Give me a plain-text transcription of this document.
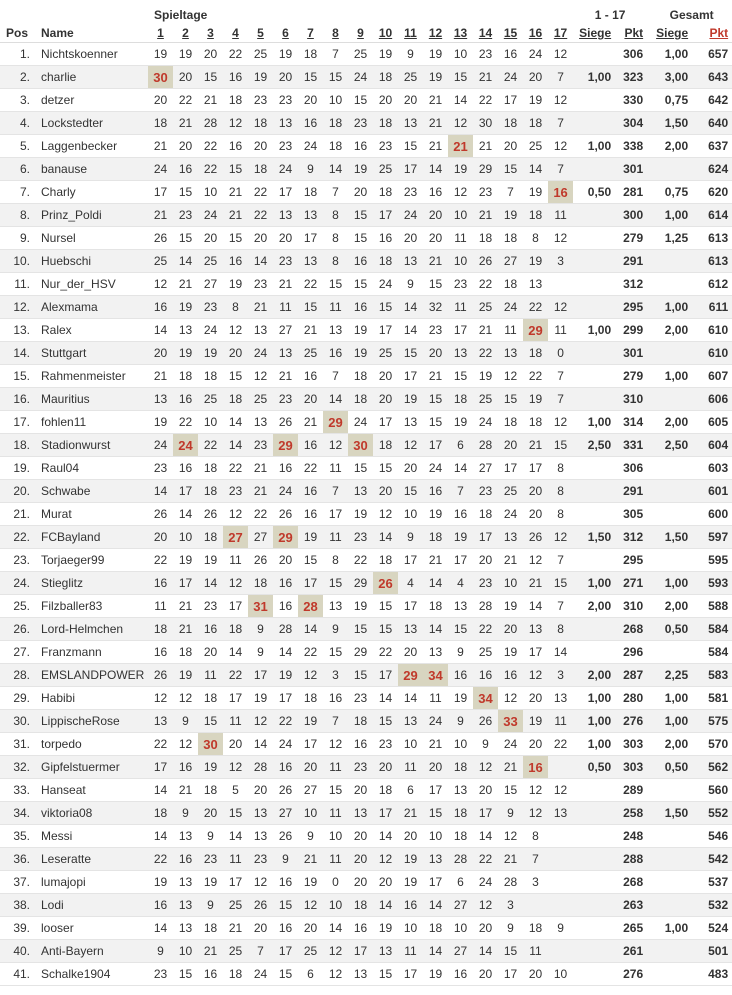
		Spieltage																	1 - 17		Gesamt	
Pos	Name	1	2	3	4	5	6	7	8	9	10	11	12	13	14	15	16	17	Siege	Pkt	Siege	Pkt
1.	Nichtskoenner	19	19	20	22	25	19	18	7	25	19	9	19	10	23	16	24	12		306	1,00	657
2.	charlie	30	20	15	16	19	20	15	15	24	18	25	19	15	21	24	20	7	1,00	323	3,00	643
3.	detzer	20	22	21	18	23	23	20	10	15	20	20	21	14	22	17	19	12		330	0,75	642
4.	Lockstedter	18	21	28	12	18	13	16	18	23	18	13	21	12	30	18	18	7		304	1,50	640
5.	Laggenbecker	21	20	22	16	20	23	24	18	16	23	15	21	21	21	20	25	12	1,00	338	2,00	637
6.	banause	24	16	22	15	18	24	9	14	19	25	17	14	19	29	15	14	7		301		624
7.	Charly	17	15	10	21	22	17	18	7	20	18	23	16	12	23	7	19	16	0,50	281	0,75	620
8.	Prinz_Poldi	21	23	24	21	22	13	13	8	15	17	24	20	10	21	19	18	11		300	1,00	614
9.	Nursel	26	15	20	15	20	20	17	8	15	16	20	20	11	18	18	8	12		279	1,25	613
10.	Huebschi	25	14	25	16	14	23	13	8	16	18	13	21	10	26	27	19	3		291		613
11.	Nur_der_HSV	12	21	27	19	23	21	22	15	15	24	9	15	23	22	18	13			312		612
12.	Alexmama	16	19	23	8	21	11	15	11	16	15	14	32	11	25	24	22	12		295	1,00	611
13.	Ralex	14	13	24	12	13	27	21	13	19	17	14	23	17	21	11	29	11	1,00	299	2,00	610
14.	Stuttgart	20	19	19	20	24	13	25	16	19	25	15	20	13	22	13	18	0		301		610
15.	Rahmenmeister	21	18	18	15	12	21	16	7	18	20	17	21	15	19	12	22	7		279	1,00	607
16.	Mauritius	13	16	25	18	25	23	20	14	18	20	19	15	18	25	15	19	7		310		606
17.	fohlen11	19	22	10	14	13	26	21	29	24	17	13	15	19	24	18	18	12	1,00	314	2,00	605
18.	Stadionwurst	24	24	22	14	23	29	16	12	30	18	12	17	6	28	20	21	15	2,50	331	2,50	604
19.	Raul04	23	16	18	22	21	16	22	11	15	15	20	24	14	27	17	17	8		306		603
20.	Schwabe	14	17	18	23	21	24	16	7	13	20	15	16	7	23	25	20	8		291		601
21.	Murat	26	14	26	12	22	26	16	17	19	12	10	19	16	18	24	20	8		305		600
22.	FCBayland	20	10	18	27	27	29	19	11	23	14	9	18	19	17	13	26	12	1,50	312	1,50	597
23.	Torjaeger99	22	19	19	11	26	20	15	8	22	18	17	21	17	20	21	12	7		295		595
24.	Stieglitz	16	17	14	12	18	16	17	15	29	26	4	14	4	23	10	21	15	1,00	271	1,00	593
25.	Filzballer83	11	21	23	17	31	16	28	13	19	15	17	18	13	28	19	14	7	2,00	310	2,00	588
26.	Lord-Helmchen	18	21	16	18	9	28	14	9	15	15	13	14	15	22	20	13	8		268	0,50	584
27.	Franzmann	16	18	20	14	9	14	22	15	29	22	20	13	9	25	19	17	14		296		584
28.	EMSLANDPOWER	26	19	11	22	17	19	12	3	15	17	29	34	16	16	16	12	3	2,00	287	2,25	583
29.	Habibi	12	12	18	17	19	17	18	16	23	14	14	11	19	34	12	20	13	1,00	280	1,00	581
30.	LippischeRose	13	9	15	11	12	22	19	7	18	15	13	24	9	26	33	19	11	1,00	276	1,00	575
31.	torpedo	22	12	30	20	14	24	17	12	16	23	10	21	10	9	24	20	22	1,00	303	2,00	570
32.	Gipfelstuermer	17	16	19	12	28	16	20	11	23	20	11	20	18	12	21	16		0,50	303	0,50	562
33.	Hanseat	14	21	18	5	20	26	27	15	20	18	6	17	13	20	15	12	12		289		560
34.	viktoria08	18	9	20	15	13	27	10	11	13	17	21	15	18	17	9	12	13		258	1,50	552
35.	Messi	14	13	9	14	13	26	9	10	20	14	20	10	18	14	12	8			248		546
36.	Leseratte	22	16	23	11	23	9	21	11	20	12	19	13	28	22	21	7			288		542
37.	lumajopi	19	13	19	17	12	16	19	0	20	20	19	17	6	24	28	3			268		537
38.	Lodi	16	13	9	25	26	15	12	10	18	14	16	14	27	12	3				263		532
39.	looser	14	13	18	21	20	16	20	14	16	19	10	18	10	20	9	18	9		265	1,00	524
40.	Anti-Bayern	9	10	21	25	7	17	25	12	17	13	11	14	27	14	15	11			261		501
41.	Schalke1904	23	15	16	18	24	15	6	12	13	15	17	19	16	20	17	20	10		276		483
